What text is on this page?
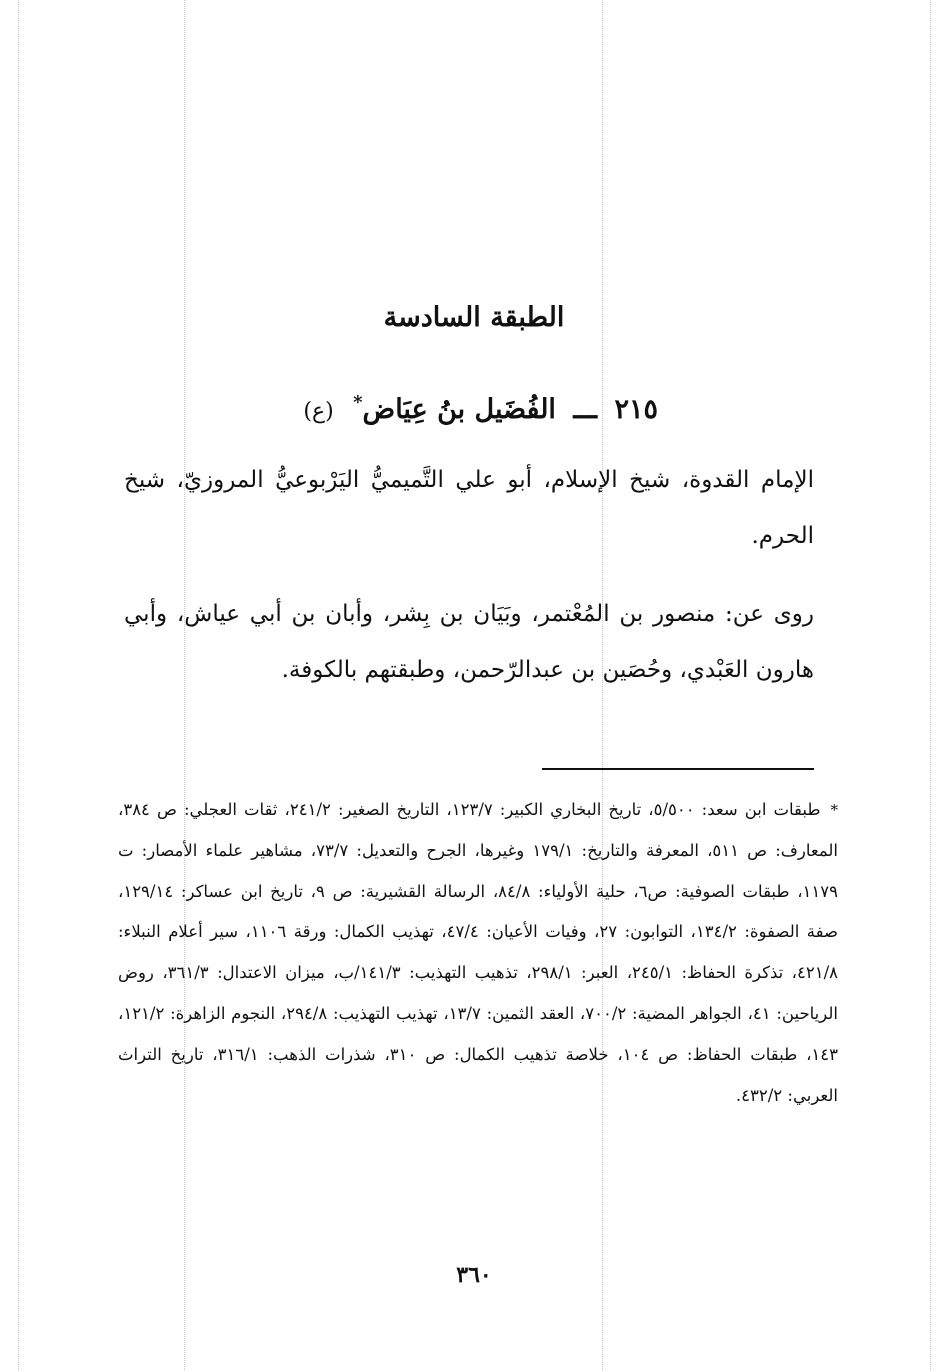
الطبقة السادسة
٢١٥ ـــ الفُضَيل بنُ عِيَاض* (ع)
الإمام القدوة، شيخ الإسلام، أبو علي التَّميميُّ اليَرْبوعيُّ المروزيّ، شيخ الحرم.
روى عن: منصور بن المُعْتمر، وبَيَان بن بِشر، وأبان بن أبي عياش، وأبي هارون العَبْدي، وحُصَين بن عبدالرّحمن، وطبقتهم بالكوفة.
*طبقات ابن سعد: ٥/٥٠٠، تاريخ البخاري الكبير: ١٢٣/٧، التاريخ الصغير: ٢٤١/٢، ثقات العجلي: ص ٣٨٤، المعارف: ص ٥١١، المعرفة والتاريخ: ١٧٩/١ وغيرها، الجرح والتعديل: ٧٣/٧، مشاهير علماء الأمصار: ت ١١٧٩، طبقات الصوفية: ص٦، حلية الأولياء: ٨٤/٨، الرسالة القشيرية: ص ٩، تاريخ ابن عساكر: ١٢٩/١٤، صفة الصفوة: ١٣٤/٢، التوابون: ٢٧، وفيات الأعيان: ٤٧/٤، تهذيب الكمال: ورقة ١١٠٦، سير أعلام النبلاء: ٤٢١/٨، تذكرة الحفاظ: ٢٤٥/١، العبر: ٢٩٨/١، تذهيب التهذيب: ١٤١/٣/ب، ميزان الاعتدال: ٣٦١/٣، روض الرياحين: ٤١، الجواهر المضية: ٧٠٠/٢، العقد الثمين: ١٣/٧، تهذيب التهذيب: ٢٩٤/٨، النجوم الزاهرة: ١٢١/٢، ١٤٣، طبقات الحفاظ: ص ١٠٤، خلاصة تذهيب الكمال: ص ٣١٠، شذرات الذهب: ٣١٦/١، تاريخ التراث العربي: ٤٣٢/٢.
٣٦٠
